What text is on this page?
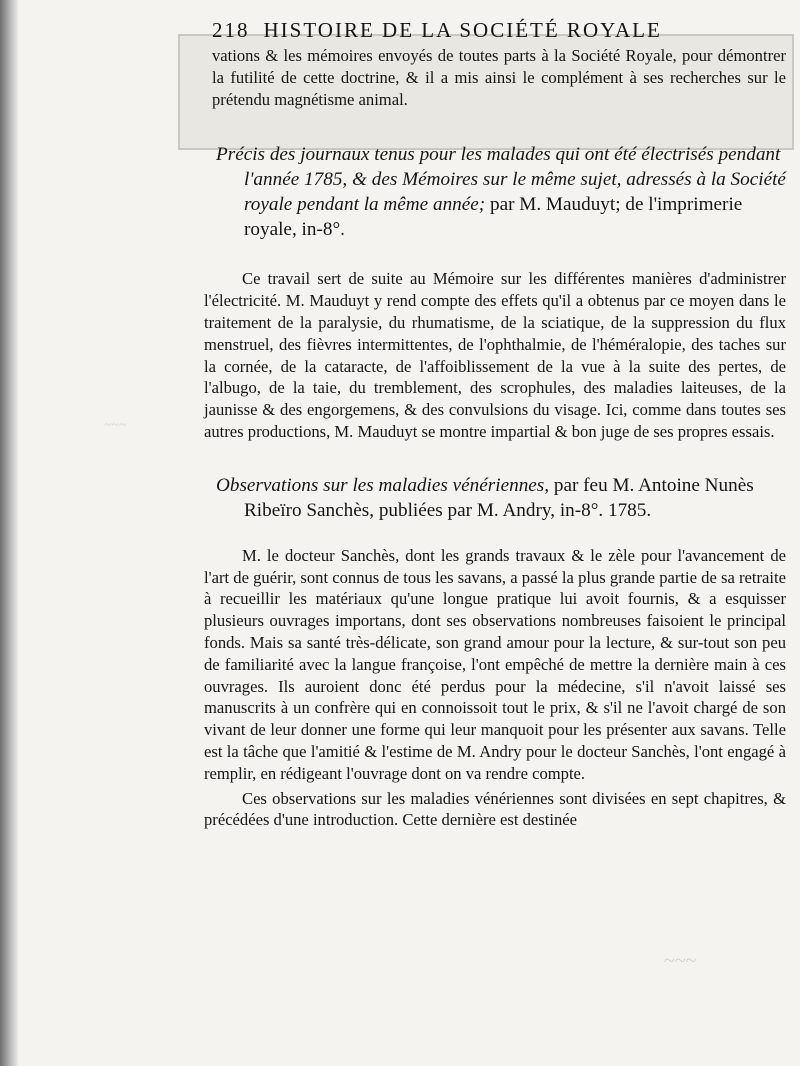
~~~
~~~
218 HISTOIRE DE LA SOCIÉTÉ ROYALE

vations & les mémoires envoyés de toutes parts à la Société Royale, pour démontrer la futilité de cette doctrine, & il a mis ainsi le complément à ses recherches sur le prétendu magnétisme animal.

Précis des journaux tenus pour les malades qui ont été électrisés pendant l'année 1785, & des Mémoires sur le même sujet, adressés à la Société royale pendant la même année; par M. Mauduyt; de l'imprimerie royale, in-8°.

Ce travail sert de suite au Mémoire sur les différentes manières d'administrer l'électricité. M. Mauduyt y rend compte des effets qu'il a obtenus par ce moyen dans le traitement de la paralysie, du rhumatisme, de la sciatique, de la suppression du flux menstruel, des fièvres intermittentes, de l'ophthalmie, de l'héméralopie, des taches sur la cornée, de la cataracte, de l'affoiblissement de la vue à la suite des pertes, de l'albugo, de la taie, du tremblement, des scrophules, des maladies laiteuses, de la jaunisse & des engorgemens, & des convulsions du visage. Ici, comme dans toutes ses autres productions, M. Mauduyt se montre impartial & bon juge de ses propres essais.

Observations sur les maladies vénériennes, par feu M. Antoine Nunès Ribeïro Sanchès, publiées par M. Andry, in-8°. 1785.

M. le docteur Sanchès, dont les grands travaux & le zèle pour l'avancement de l'art de guérir, sont connus de tous les savans, a passé la plus grande partie de sa retraite à recueillir les matériaux qu'une longue pratique lui avoit fournis, & a esquisser plusieurs ouvrages importans, dont ses observations nombreuses faisoient le principal fonds. Mais sa santé très-délicate, son grand amour pour la lecture, & sur-tout son peu de familiarité avec la langue françoise, l'ont empêché de mettre la dernière main à ces ouvrages. Ils auroient donc été perdus pour la médecine, s'il n'avoit laissé ses manuscrits à un confrère qui en connoissoit tout le prix, & s'il ne l'avoit chargé de son vivant de leur donner une forme qui leur manquoit pour les présenter aux savans. Telle est la tâche que l'amitié & l'estime de M. Andry pour le docteur Sanchès, l'ont engagé à remplir, en rédigeant l'ouvrage dont on va rendre compte.

Ces observations sur les maladies vénériennes sont divisées en sept chapitres, & précédées d'une introduction. Cette dernière est destinée
